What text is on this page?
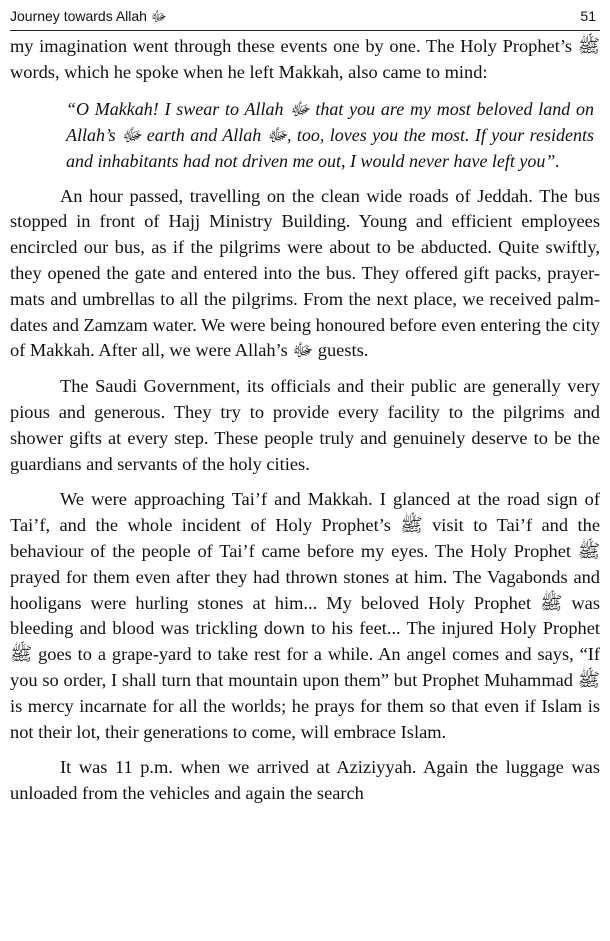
Journey towards Allah ﷻ	51

my imagination went through these events one by one. The Holy Prophet’s ﷺ words, which he spoke when he left Makkah, also came to mind:

“O Makkah! I swear to Allah ﷻ that you are my most beloved land on Allah’s ﷻ earth and Allah ﷻ, too, loves you the most. If your residents and inhabitants had not driven me out, I would never have left you”.

An hour passed, travelling on the clean wide roads of Jeddah. The bus stopped in front of Hajj Ministry Building. Young and efficient employees encircled our bus, as if the pilgrims were about to be abducted. Quite swiftly, they opened the gate and entered into the bus. They offered gift packs, prayer-mats and umbrellas to all the pilgrims. From the next place, we received palm-dates and Zamzam water. We were being honoured before even entering the city of Makkah. After all, we were Allah’s ﷻ guests.

The Saudi Government, its officials and their public are generally very pious and generous. They try to provide every facility to the pilgrims and shower gifts at every step. These people truly and genuinely deserve to be the guardians and servants of the holy cities.

We were approaching Tai’f and Makkah. I glanced at the road sign of Tai’f, and the whole incident of Holy Prophet’s ﷺ visit to Tai’f and the behaviour of the people of Tai’f came before my eyes. The Holy Prophet ﷺ prayed for them even after they had thrown stones at him. The Vagabonds and hooligans were hurling stones at him... My beloved Holy Prophet ﷺ was bleeding and blood was trickling down to his feet... The injured Holy Prophet ﷺ goes to a grape-yard to take rest for a while. An angel comes and says, “If you so order, I shall turn that mountain upon them” but Prophet Muhammad ﷺ is mercy incarnate for all the worlds; he prays for them so that even if Islam is not their lot, their generations to come, will embrace Islam.

It was 11 p.m. when we arrived at Aziziyyah. Again the luggage was unloaded from the vehicles and again the search
